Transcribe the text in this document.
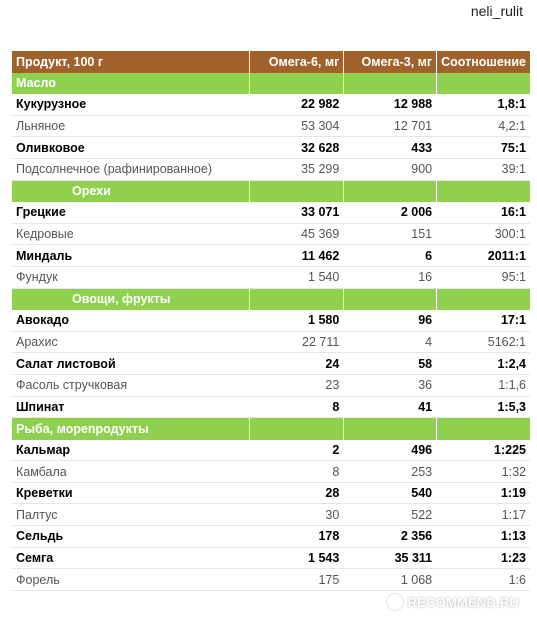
neli_rulit
Продукт, 100 г	Омега-6, мг	Омега-3, мг	Соотношение
Масло			
Кукурузное	22 982	12 988	1,8:1
Льняное	53 304	12 701	4,2:1
Оливковое	32 628	433	75:1
Подсолнечное (рафинированное)	35 299	900	39:1
Орехи			
Грецкие	33 071	2 006	16:1
Кедровые	45 369	151	300:1
Миндаль	11 462	6	2011:1
Фундук	1 540	16	95:1
Овощи, фрукты			
Авокадо	1 580	96	17:1
Арахис	22 711	4	5162:1
Салат листовой	24	58	1:2,4
Фасоль стручковая	23	36	1:1,6
Шпинат	8	41	1:5,3
Рыба, морепродукты			
Кальмар	2	496	1:225
Камбала	8	253	1:32
Креветки	28	540	1:19
Палтус	30	522	1:17
Сельдь	178	2 356	1:13
Семга	1 543	35 311	1:23
Форель	175	1 068	1:6
RECOMMEND.RU
